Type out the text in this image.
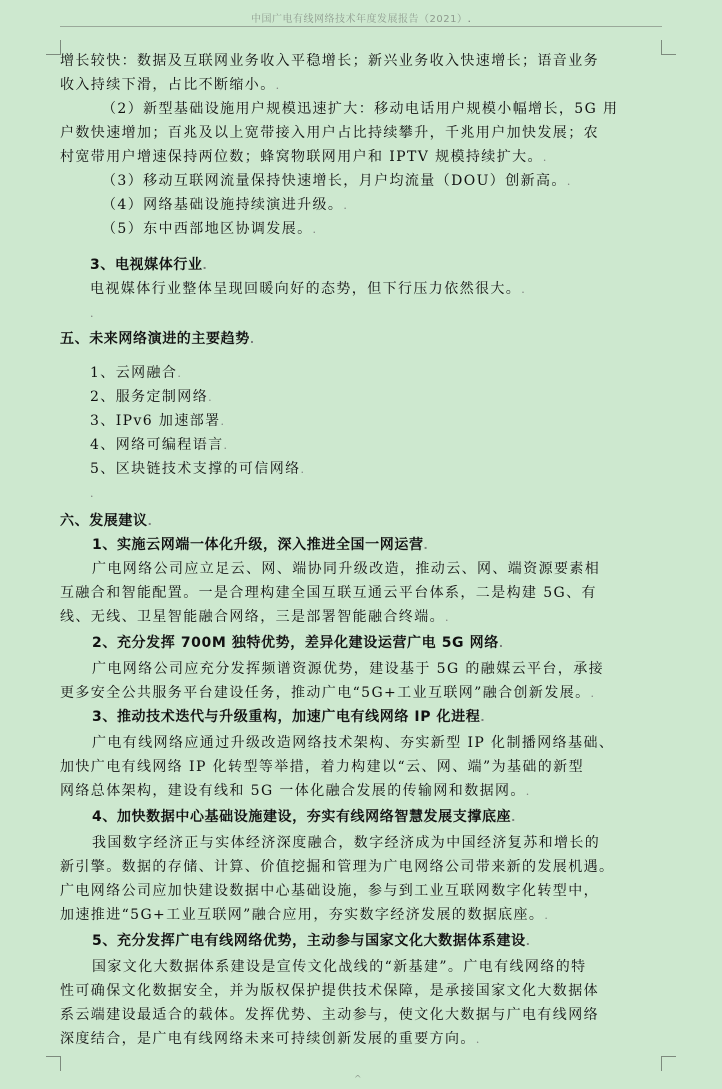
中国广电有线网络技术年度发展报告（2021）.
^
增长较快：数据及互联网业务收入平稳增长；新兴业务收入快速增长；语音业务
收入持续下滑，占比不断缩小。.
（2）新型基础设施用户规模迅速扩大：移动电话用户规模小幅增长，5G 用
户数快速增加；百兆及以上宽带接入用户占比持续攀升，千兆用户加快发展；农
村宽带用户增速保持两位数；蜂窝物联网用户和 IPTV 规模持续扩大。.
（3）移动互联网流量保持快速增长，月户均流量（DOU）创新高。.
（4）网络基础设施持续演进升级。.
（5）东中西部地区协调发展。.
3、电视媒体行业.
电视媒体行业整体呈现回暖向好的态势，但下行压力依然很大。.
.
五、未来网络演进的主要趋势.
1、云网融合.
2、服务定制网络.
3、IPv6 加速部署.
4、网络可编程语言.
5、区块链技术支撑的可信网络.
.
六、发展建议.
1、实施云网端一体化升级，深入推进全国一网运营.
广电网络公司应立足云、网、端协同升级改造，推动云、网、端资源要素相
互融合和智能配置。一是合理构建全国互联互通云平台体系，二是构建 5G、有
线、无线、卫星智能融合网络，三是部署智能融合终端。.
2、充分发挥 700M 独特优势，差异化建设运营广电 5G 网络.
广电网络公司应充分发挥频谱资源优势，建设基于 5G 的融媒云平台，承接
更多安全公共服务平台建设任务，推动广电“5G+工业互联网”融合创新发展。.
3、推动技术迭代与升级重构，加速广电有线网络 IP 化进程.
广电有线网络应通过升级改造网络技术架构、夯实新型 IP 化制播网络基础、
加快广电有线网络 IP 化转型等举措，着力构建以“云、网、端”为基础的新型
网络总体架构，建设有线和 5G 一体化融合发展的传输网和数据网。.
4、加快数据中心基础设施建设，夯实有线网络智慧发展支撑底座.
我国数字经济正与实体经济深度融合，数字经济成为中国经济复苏和增长的
新引擎。数据的存储、计算、价值挖掘和管理为广电网络公司带来新的发展机遇。
广电网络公司应加快建设数据中心基础设施，参与到工业互联网数字化转型中，
加速推进“5G+工业互联网”融合应用，夯实数字经济发展的数据底座。.
5、充分发挥广电有线网络优势，主动参与国家文化大数据体系建设.
国家文化大数据体系建设是宣传文化战线的“新基建”。广电有线网络的特
性可确保文化数据安全，并为版权保护提供技术保障，是承接国家文化大数据体
系云端建设最适合的载体。发挥优势、主动参与，使文化大数据与广电有线网络
深度结合，是广电有线网络未来可持续创新发展的重要方向。.
